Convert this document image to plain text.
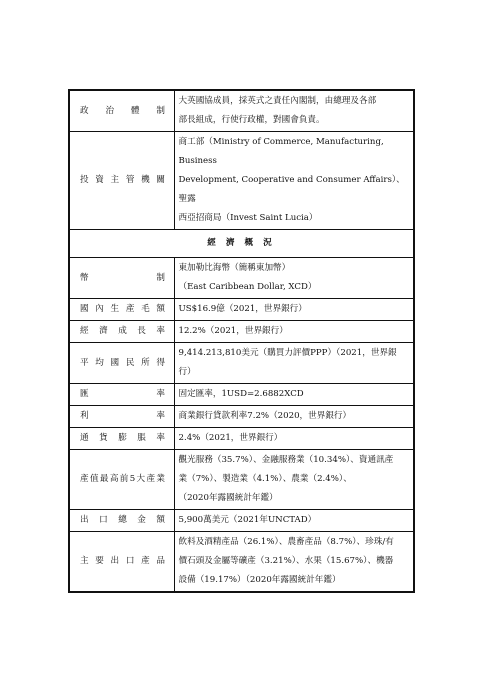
政治體制	大英國協成員，採英式之責任內閣制，由總理及各部
部長組成，行使行政權，對國會負責。

投資主管機關	商工部（Ministry of Commerce, Manufacturing, Business
Development, Cooperative and Consumer Affairs）、聖露
西亞招商局（Invest Saint Lucia）

經濟概況	
幣制	東加勒比海幣（簡稱東加幣）
（East Caribbean Dollar, XCD）

國內生產毛額	US$16.9億（2021，世界銀行）

經濟成長率	12.2%（2021，世界銀行）

平均國民所得	9,414.213,810美元（購買力評價PPP）（2021，世界銀
行）

匯率	固定匯率，1USD=2.6882XCD

利率	商業銀行貸款利率7.2%（2020，世界銀行）

通貨膨脹率	2.4%（2021，世界銀行）

產值最高前5大產業	觀光服務（35.7%）、金融服務業（10.34%）、資通訊產
業（7%）、製造業（4.1%）、農業（2.4%）、
（2020年露國統計年鑑）

出口總金額	5,900萬美元（2021年UNCTAD）

主要出口產品	飲料及酒精產品（26.1%）、農畜產品（8.7%）、珍珠/有
價石頭及金屬等礦產（3.21%）、水果（15.67%）、機器
設備（19.17%）（2020年露國統計年鑑）
